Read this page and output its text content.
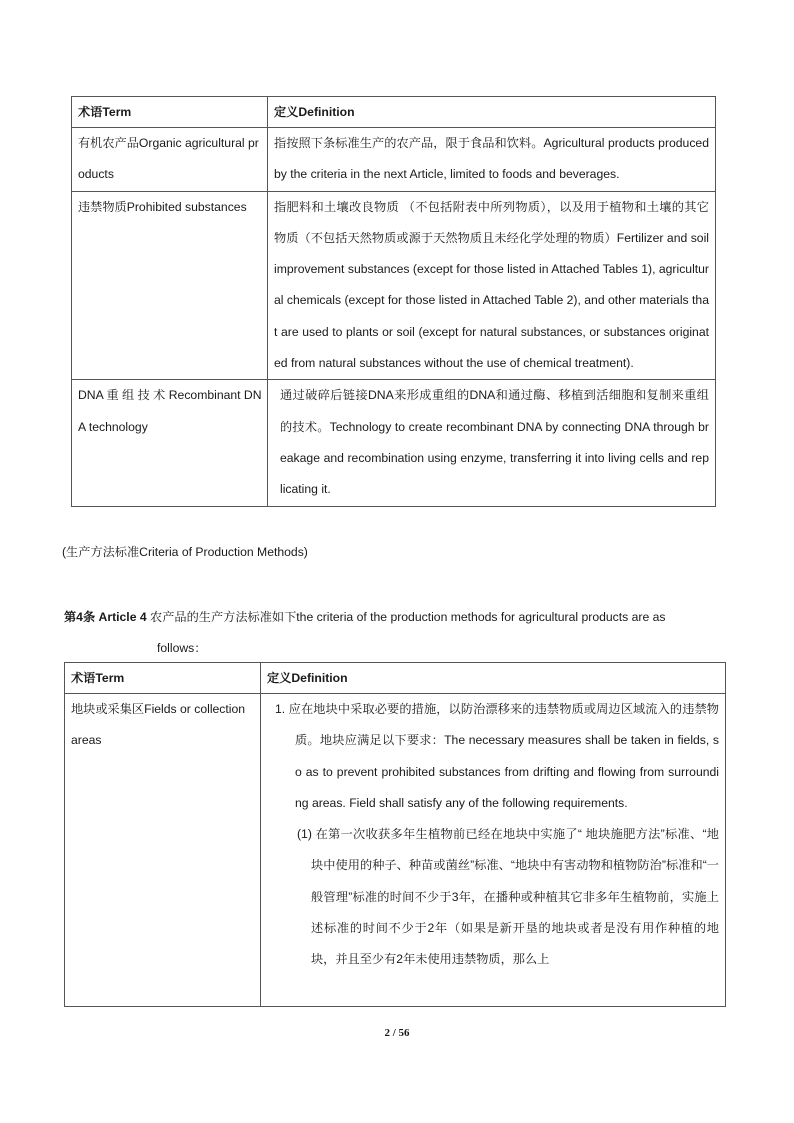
术语Term	定义Definition

有机农产品Organic agricultural products	指按照下条标准生产的农产品，限于食品和饮料。Agricultural products produced by the criteria in the next Article, limited to foods and beverages.

违禁物质Prohibited substances	指肥料和土壤改良物质 （不包括附表中所列物质），以及用于植物和土壤的其它物质（不包括天然物质或源于天然物质且未经化学处理的物质）Fertilizer and soil improvement substances (except for those listed in Attached Tables 1), agricultural chemicals (except for those listed in Attached Table 2), and other materials that are used to plants or soil (except for natural substances, or substances originated from natural substances without the use of chemical treatment).

DNA 重 组 技 术 Recombinant DNA technology	通过破碎后链接DNA来形成重组的DNA和通过酶、移植到活细胞和复制来重组的技术。Technology to create recombinant DNA by connecting DNA through breakage and recombination using enzyme, transferring it into living cells and replicating it.
(生产方法标准Criteria of Production Methods)
第4条 Article 4 农产品的生产方法标准如下the criteria of the production methods for agricultural products are as
follows：
术语Term	定义Definition

地块或采集区Fields or collection areas	1. 应在地块中采取必要的措施，以防治漂移来的违禁物质或周边区域流入的违禁物质。地块应满足以下要求：The necessary measures shall be taken in fields, so as to prevent prohibited substances from drifting and flowing from surrounding areas. Field shall satisfy any of the following requirements.
(1) 在第一次收获多年生植物前已经在地块中实施了“ 地块施肥方法”标准、“地块中使用的种子、种苗或菌丝”标准、“地块中有害动物和植物防治”标准和“一般管理”标准的时间不少于3年，在播种或种植其它非多年生植物前，实施上述标准的时间不少于2年（如果是新开垦的地块或者是没有用作种植的地块，并且至少有2年未使用违禁物质，那么上
2 / 56
